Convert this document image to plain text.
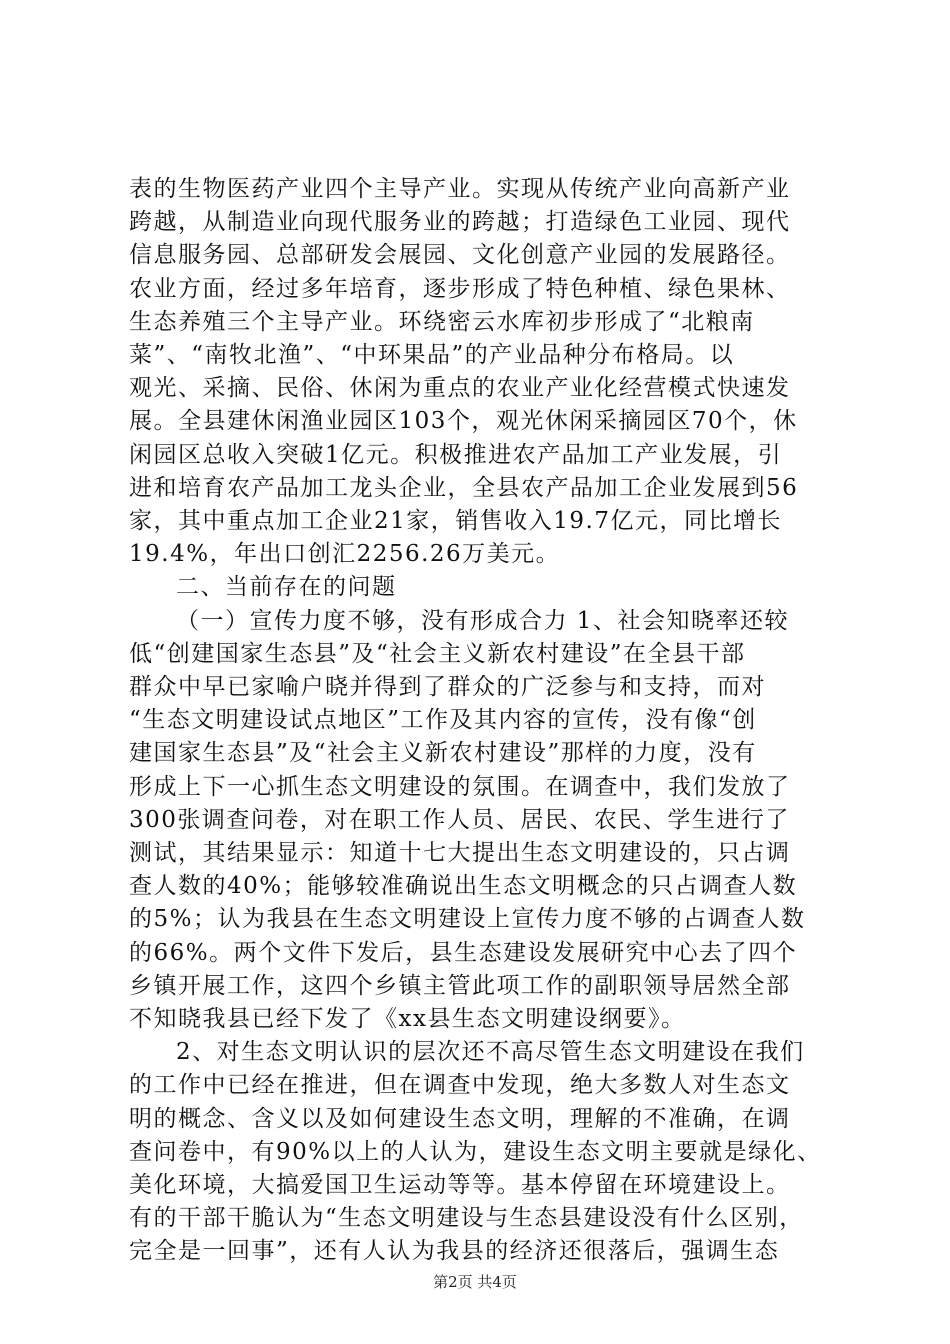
表的生物医药产业四个主导产业。实现从传统产业向高新产业
跨越，从制造业向现代服务业的跨越；打造绿色工业园、现代
信息服务园、总部研发会展园、文化创意产业园的发展路径。
农业方面，经过多年培育，逐步形成了特色种植、绿色果林、
生态养殖三个主导产业。环绕密云水库初步形成了“北粮南
菜”、“南牧北渔”、“中环果品”的产业品种分布格局。以
观光、采摘、民俗、休闲为重点的农业产业化经营模式快速发
展。全县建休闲渔业园区103个，观光休闲采摘园区70个，休
闲园区总收入突破1亿元。积极推进农产品加工产业发展，引
进和培育农产品加工龙头企业，全县农产品加工企业发展到56
家，其中重点加工企业21家，销售收入19.7亿元，同比增长
19.4%，年出口创汇2256.26万美元。
二、当前存在的问题
（一）宣传力度不够，没有形成合力 1、社会知晓率还较
低“创建国家生态县”及“社会主义新农村建设”在全县干部
群众中早已家喻户晓并得到了群众的广泛参与和支持，而对
“生态文明建设试点地区”工作及其内容的宣传，没有像“创
建国家生态县”及“社会主义新农村建设”那样的力度，没有
形成上下一心抓生态文明建设的氛围。在调查中，我们发放了
300张调查问卷，对在职工作人员、居民、农民、学生进行了
测试，其结果显示：知道十七大提出生态文明建设的，只占调
查人数的40%；能够较准确说出生态文明概念的只占调查人数
的5%；认为我县在生态文明建设上宣传力度不够的占调查人数
的66%。两个文件下发后，县生态建设发展研究中心去了四个
乡镇开展工作，这四个乡镇主管此项工作的副职领导居然全部
不知晓我县已经下发了《xx县生态文明建设纲要》。
2、对生态文明认识的层次还不高尽管生态文明建设在我们
的工作中已经在推进，但在调查中发现，绝大多数人对生态文
明的概念、含义以及如何建设生态文明，理解的不准确，在调
查问卷中，有90%以上的人认为，建设生态文明主要就是绿化、
美化环境，大搞爱国卫生运动等等。基本停留在环境建设上。
有的干部干脆认为“生态文明建设与生态县建设没有什么区别，
完全是一回事”，还有人认为我县的经济还很落后，强调生态
第2页 共4页
